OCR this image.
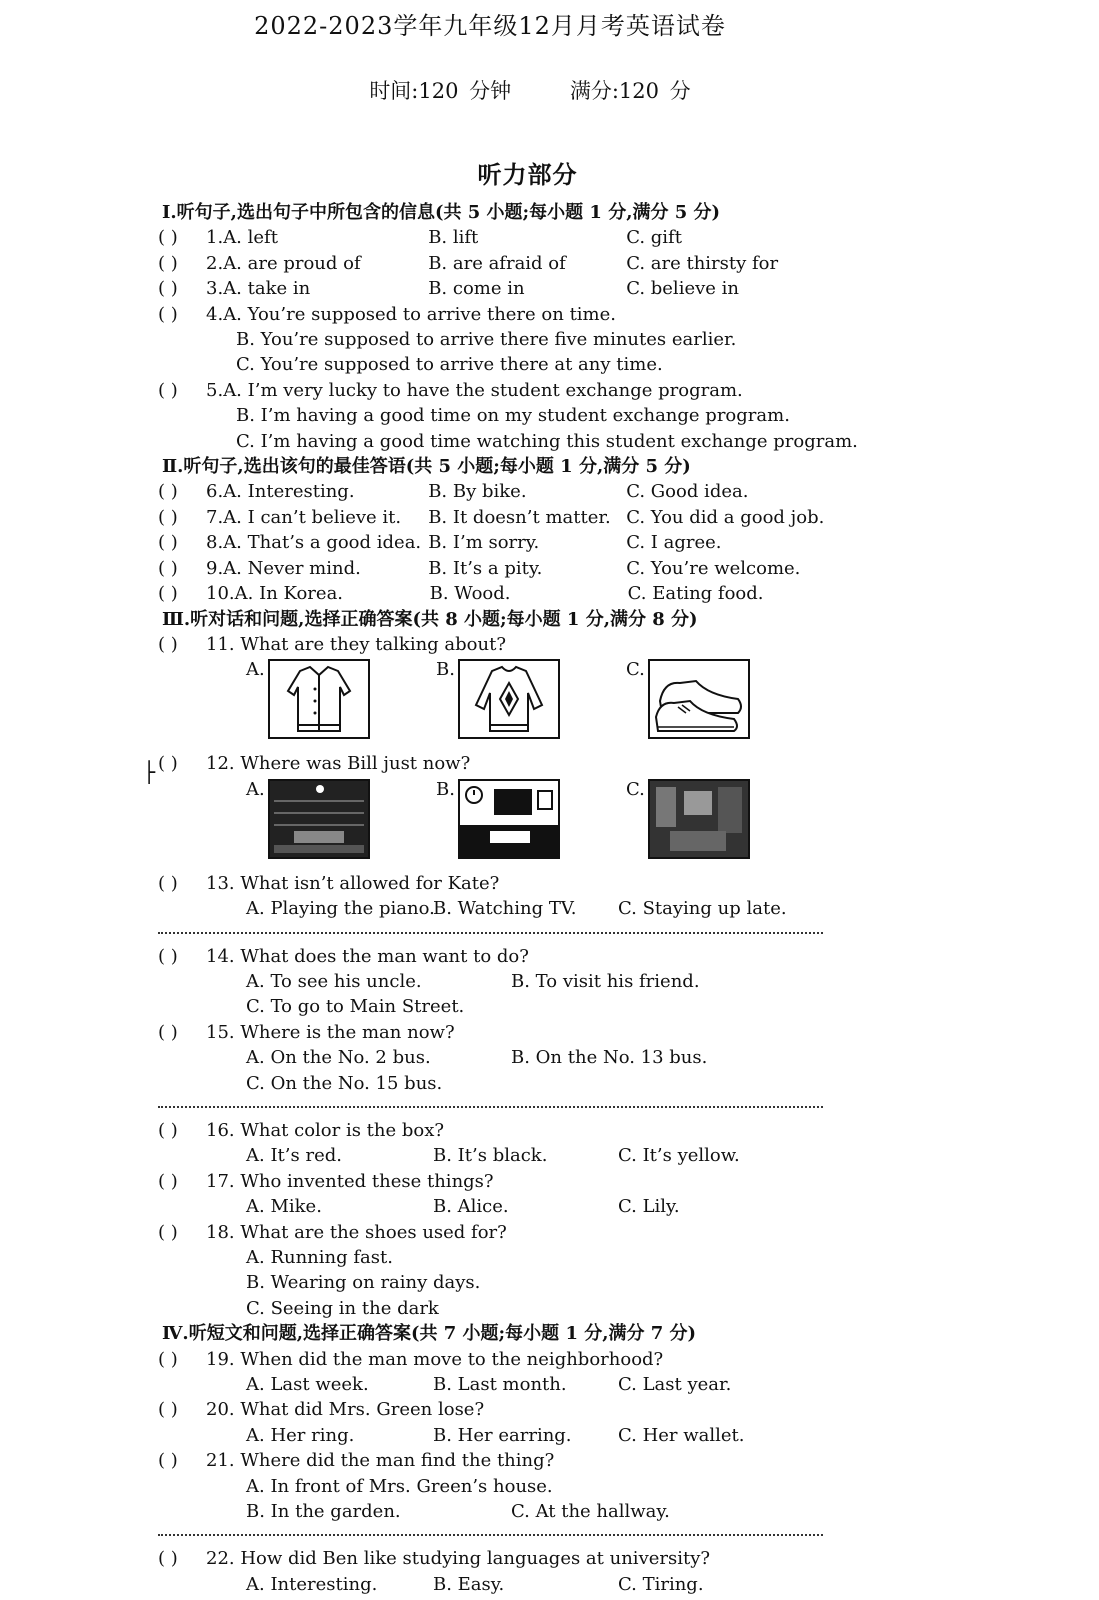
2022-2023学年九年级12月月考英语试卷
时间:120 分钟	满分:120 分
听力部分
├
Ⅰ.听句子,选出句子中所包含的信息(共 5 小题;每小题 1 分,满分 5 分)
( )	1. A. left	B. lift	C. gift
( )	2. A. are proud of	B. are afraid of	C. are thirsty for
( )	3. A. take in	B. come in	C. believe in
( )	4. A. You’re supposed to arrive there on time.
B. You’re supposed to arrive there five minutes earlier.
C. You’re supposed to arrive there at any time.
( )	5. A. I’m very lucky to have the student exchange program.
B. I’m having a good time on my student exchange program.
C. I’m having a good time watching this student exchange program.
Ⅱ.听句子,选出该句的最佳答语(共 5 小题;每小题 1 分,满分 5 分)
( )	6. A. Interesting.	B. By bike.	C. Good idea.
( )	7. A. I can’t believe it.	B. It doesn’t matter. C. You did a good job.
( )	8. A. That’s a good idea. B. I’m sorry.	C. I agree.
( )	9. A. Never mind.	B. It’s a pity.	C. You’re welcome.
( )	10. A. In Korea.	B. Wood.	C. Eating food.
Ⅲ.听对话和问题,选择正确答案(共 8 小题;每小题 1 分,满分 8 分)
( )	11. What are they talking about?
A.	B.	C.
( )	12. Where was Bill just now?
A.	B.	C.
( )	13. What isn’t allowed for Kate?
A. Playing the piano.
B. Watching TV.	C. Staying up late.
( )	14. What does the man want to do?
A. To see his uncle.	B. To visit his friend.
C. To go to Main Street.
( )	15. Where is the man now?
A. On the No. 2 bus.	B. On the No. 13 bus.
C. On the No. 15 bus.
( )	16. What color is the box?
A. It’s red.	B. It’s black.	C. It’s yellow.
( )	17. Who invented these things?
A. Mike.	B. Alice.	C. Lily.
( )	18. What are the shoes used for?
A. Running fast.
B. Wearing on rainy days.
C. Seeing in the dark
Ⅳ.听短文和问题,选择正确答案(共 7 小题;每小题 1 分,满分 7 分)
( )	19. When did the man move to the neighborhood?
A. Last week.	B. Last month.	C. Last year.
( )	20. What did Mrs. Green lose?
A. Her ring.	B. Her earring.	C. Her wallet.
( )	21. Where did the man find the thing?
A. In front of Mrs. Green’s house.
B. In the garden.	C. At the hallway.
( )	22. How did Ben like studying languages at university?
A. Interesting.	B. Easy.	C. Tiring.
